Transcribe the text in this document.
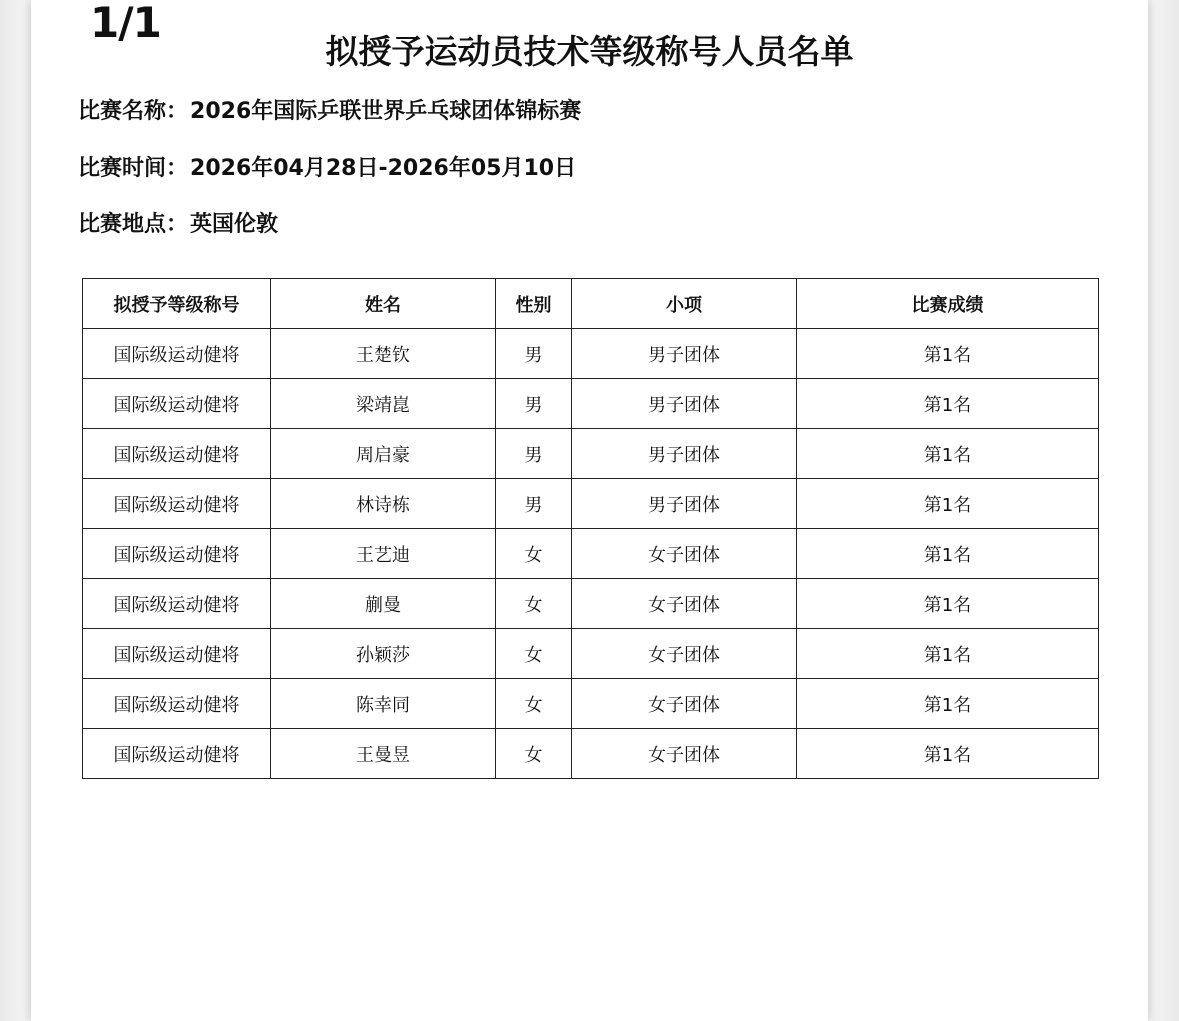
1/1
拟授予运动员技术等级称号人员名单
比赛名称：2026年国际乒联世界乒乓球团体锦标赛
比赛时间：2026年04月28日-2026年05月10日
比赛地点：英国伦敦
拟授予等级称号	姓名	性别	小项	比赛成绩
国际级运动健将	王楚钦	男	男子团体	第1名
国际级运动健将	梁靖崑	男	男子团体	第1名
国际级运动健将	周启豪	男	男子团体	第1名
国际级运动健将	林诗栋	男	男子团体	第1名
国际级运动健将	王艺迪	女	女子团体	第1名
国际级运动健将	蒯曼	女	女子团体	第1名
国际级运动健将	孙颖莎	女	女子团体	第1名
国际级运动健将	陈幸同	女	女子团体	第1名
国际级运动健将	王曼昱	女	女子团体	第1名
